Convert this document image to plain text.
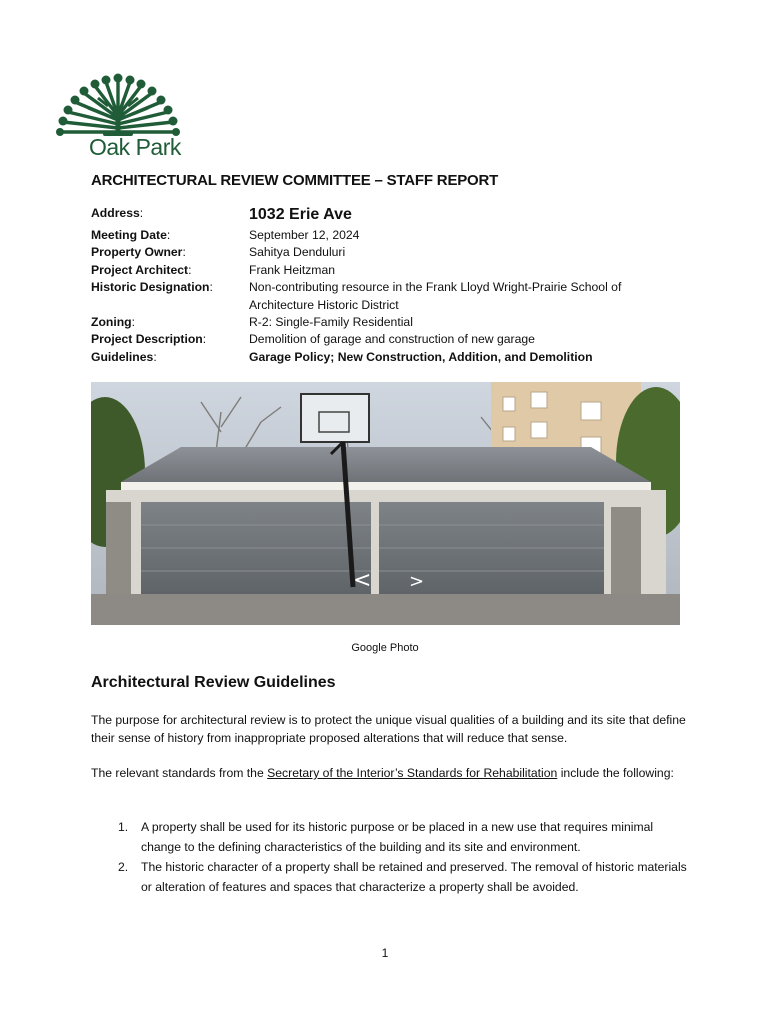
Oak Park
ARCHITECTURAL REVIEW COMMITTEE – STAFF REPORT
Address:	1032 Erie Ave
Meeting Date:	September 12, 2024
Property Owner:	Sahitya Denduluri
Project Architect:	Frank Heitzman
Historic Designation:	Non-contributing resource in the Frank Lloyd Wright-Prairie School of Architecture Historic District
Zoning:	R-2: Single-Family Residential
Project Description:	Demolition of garage and construction of new garage
Guidelines:	Garage Policy; New Construction, Addition, and Demolition
< >
Google Photo
Architectural Review Guidelines
The purpose for architectural review is to protect the unique visual qualities of a building and its site that define their sense of history from inappropriate proposed alterations that will reduce that sense.
The relevant standards from the Secretary of the Interior’s Standards for Rehabilitation include the following:
1.	A property shall be used for its historic purpose or be placed in a new use that requires minimal change to the defining characteristics of the building and its site and environment.
2.	The historic character of a property shall be retained and preserved. The removal of historic materials or alteration of features and spaces that characterize a property shall be avoided.
1
